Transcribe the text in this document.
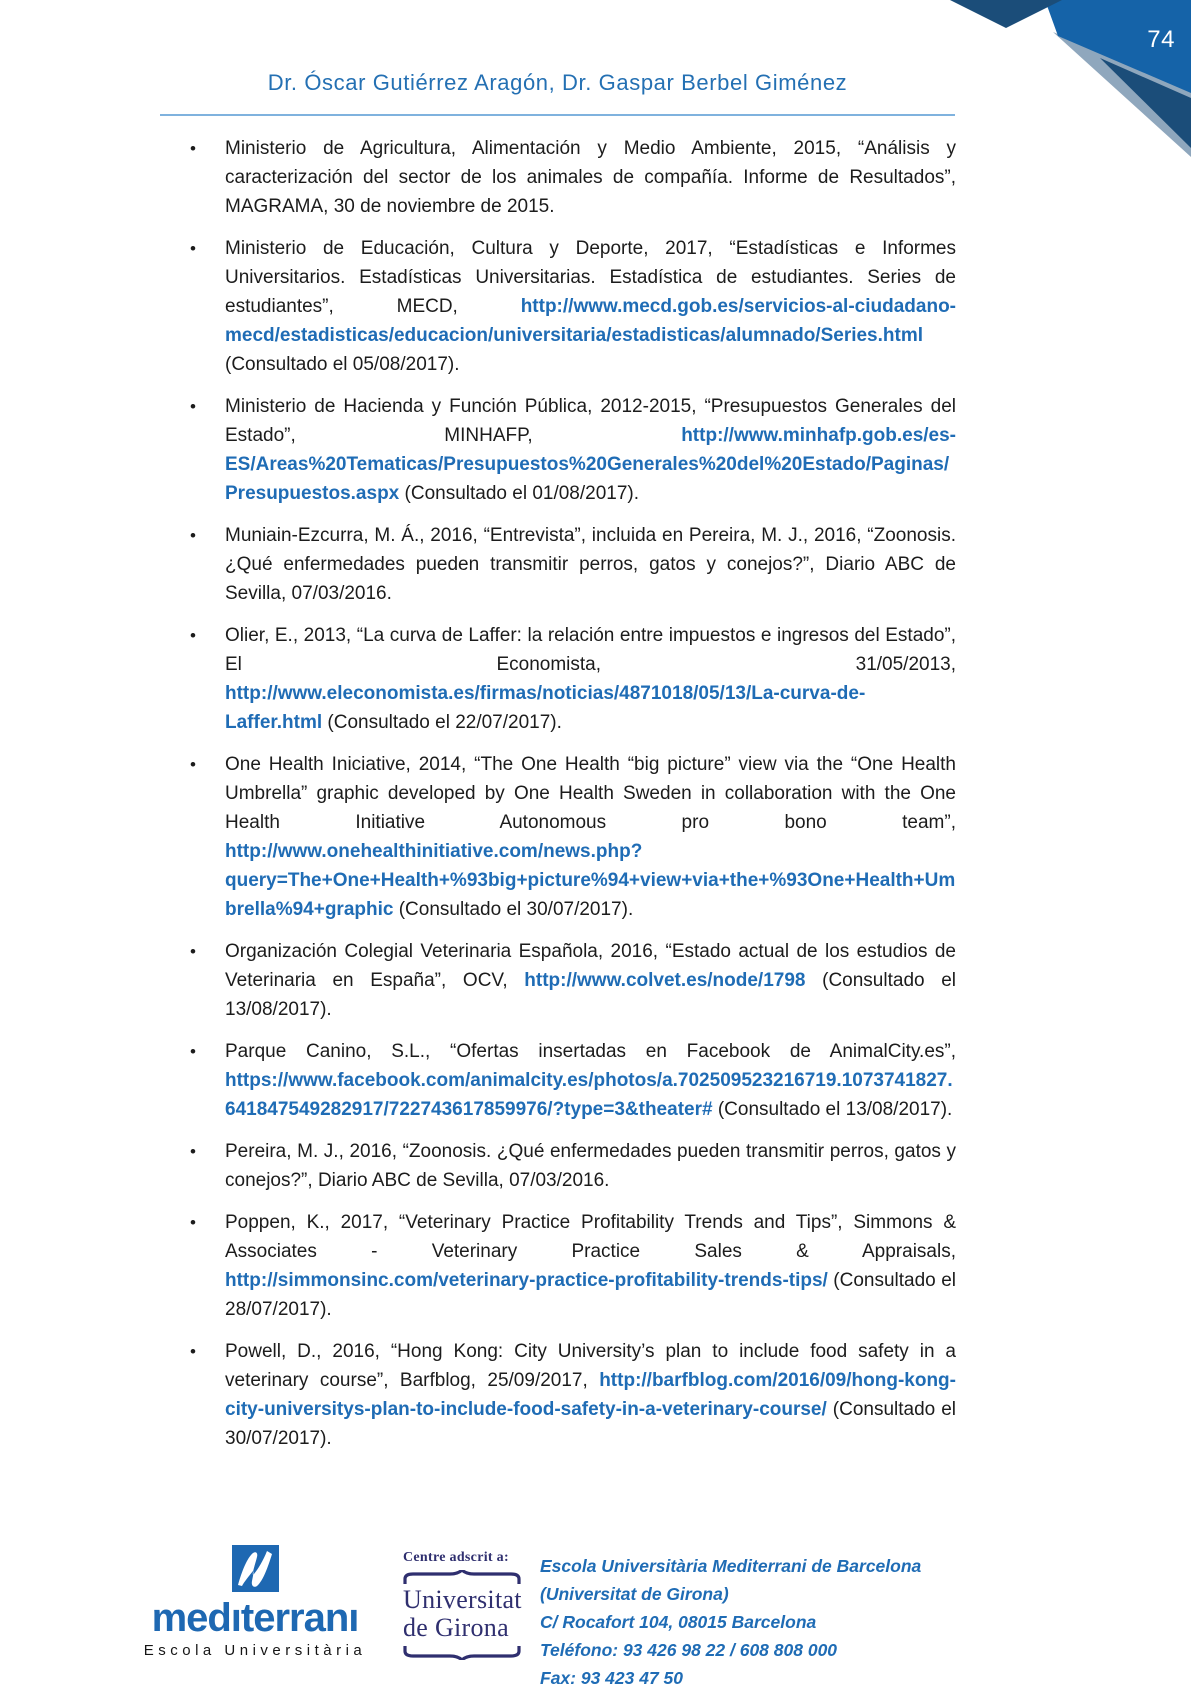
74
Dr. Óscar Gutiérrez Aragón, Dr. Gaspar Berbel Giménez
•	Ministerio de Agricultura, Alimentación y Medio Ambiente, 2015, “Análisis y caracterización del sector de los animales de compañía. Informe de Resultados”, MAGRAMA, 30 de noviembre de 2015.
•	Ministerio de Educación, Cultura y Deporte, 2017, “Estadísticas e Informes Universitarios. Estadísticas Universitarias. Estadística de estudiantes. Series de estudiantes”, MECD, http://www.mecd.gob.es/servicios-al-ciudadano-mecd/estadisticas/educacion/universitaria/estadisticas/alumnado/Series.html (Consultado el 05/08/2017).
•	Ministerio de Hacienda y Función Pública, 2012-2015, “Presupuestos Generales del Estado”, MINHAFP, http://www.minhafp.gob.es/es-ES/Areas%20Tematicas/Presupuestos%20Generales%20del%20Estado/Paginas/Presupuestos.aspx (Consultado el 01/08/2017).
•	Muniain-Ezcurra, M. Á., 2016, “Entrevista”, incluida en Pereira, M. J., 2016, “Zoonosis. ¿Qué enfermedades pueden transmitir perros, gatos y conejos?”, Diario ABC de Sevilla, 07/03/2016.
•	Olier, E., 2013, “La curva de Laffer: la relación entre impuestos e ingresos del Estado”, El Economista, 31/05/2013, http://www.eleconomista.es/firmas/noticias/4871018/05/13/La-curva-de-Laffer.html (Consultado el 22/07/2017).
•	One Health Iniciative, 2014, “The One Health “big picture” view via the “One Health Umbrella” graphic developed by One Health Sweden in collaboration with the One Health Initiative Autonomous pro bono team”, http://www.onehealthinitiative.com/news.php?query=The+One+Health+%93big+picture%94+view+via+the+%93One+Health+Umbrella%94+graphic (Consultado el 30/07/2017).
•	Organización Colegial Veterinaria Española, 2016, “Estado actual de los estudios de Veterinaria en España”, OCV, http://www.colvet.es/node/1798 (Consultado el 13/08/2017).
•	Parque Canino, S.L., “Ofertas insertadas en Facebook de AnimalCity.es”, https://www.facebook.com/animalcity.es/photos/a.702509523216719.1073741827.641847549282917/722743617859976/?type=3&theater# (Consultado el 13/08/2017).
•	Pereira, M. J., 2016, “Zoonosis. ¿Qué enfermedades pueden transmitir perros, gatos y conejos?”, Diario ABC de Sevilla, 07/03/2016.
•	Poppen, K., 2017, “Veterinary Practice Profitability Trends and Tips”, Simmons & Associates - Veterinary Practice Sales & Appraisals, http://simmonsinc.com/veterinary-practice-profitability-trends-tips/ (Consultado el 28/07/2017).
•	Powell, D., 2016, “Hong Kong: City University’s plan to include food safety in a veterinary course”, Barfblog, 25/09/2017, http://barfblog.com/2016/09/hong-kong-city-universitys-plan-to-include-food-safety-in-a-veterinary-course/ (Consultado el 30/07/2017).
medıterranı
Escola Universitària
Centre adscrit a:
Universitat
de Girona
Escola Universitària Mediterrani de Barcelona (Universitat de Girona)
C/ Rocafort 104, 08015 Barcelona
Teléfono: 93 426 98 22 / 608 808 000
Fax: 93 423 47 50
